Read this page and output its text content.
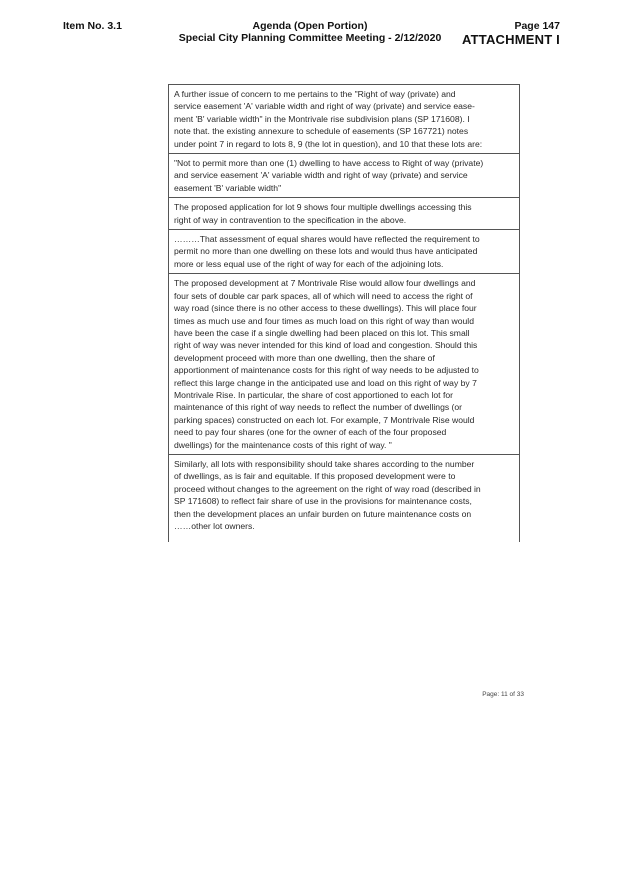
Item No. 3.1	Agenda (Open Portion)
Special City Planning Committee Meeting - 2/12/2020
Page 147
ATTACHMENT I

A further issue of concern to me pertains to the "Right of way (private) and

service easement 'A' variable width and right of way (private) and service ease-

ment 'B' variable width" in the Montrivale rise subdivision plans (SP 171608). I

note that. the existing annexure to schedule of easements (SP 167721) notes

under point 7 in regard to lots 8, 9 (the lot in question), and 10 that these lots are:

"Not to permit more than one (1) dwelling to have access to Right of way (private)

and service easement 'A' variable width and right of way (private) and service

easement 'B' variable width"

The proposed application for lot 9 shows four multiple dwellings accessing this

right of way in contravention to the specification in the above.

………That assessment of equal shares would have reflected the requirement to

permit no more than one dwelling on these lots and would thus have anticipated

more or less equal use of the right of way for each of the adjoining lots.

The proposed development at 7 Montrivale Rise would allow four dwellings and

four sets of double car park spaces, all of which will need to access the right of

way road (since there is no other access to these dwellings). This will place four

times as much use and four times as much load on this right of way than would

have been the case if a single dwelling had been placed on this lot. This small

right of way was never intended for this kind of load and congestion. Should this

development proceed with more than one dwelling, then the share of

apportionment of maintenance costs for this right of way needs to be adjusted to

reflect this large change in the anticipated use and load on this right of way by 7

Montrivale Rise. In particular, the share of cost apportioned to each lot for

maintenance of this right of way needs to reflect the number of dwellings (or

parking spaces) constructed on each lot. For example, 7 Montrivale Rise would

need to pay four shares (one for the owner of each of the four proposed

dwellings) for the maintenance costs of this right of way. "

Similarly, all lots with responsibility should take shares according to the number

of dwellings, as is fair and equitable. If this proposed development were to

proceed without changes to the agreement on the right of way road (described in

SP 171608) to reflect fair share of use in the provisions for maintenance costs,

then the development places an unfair burden on future maintenance costs on

……other lot owners.

Page: 11 of 33
